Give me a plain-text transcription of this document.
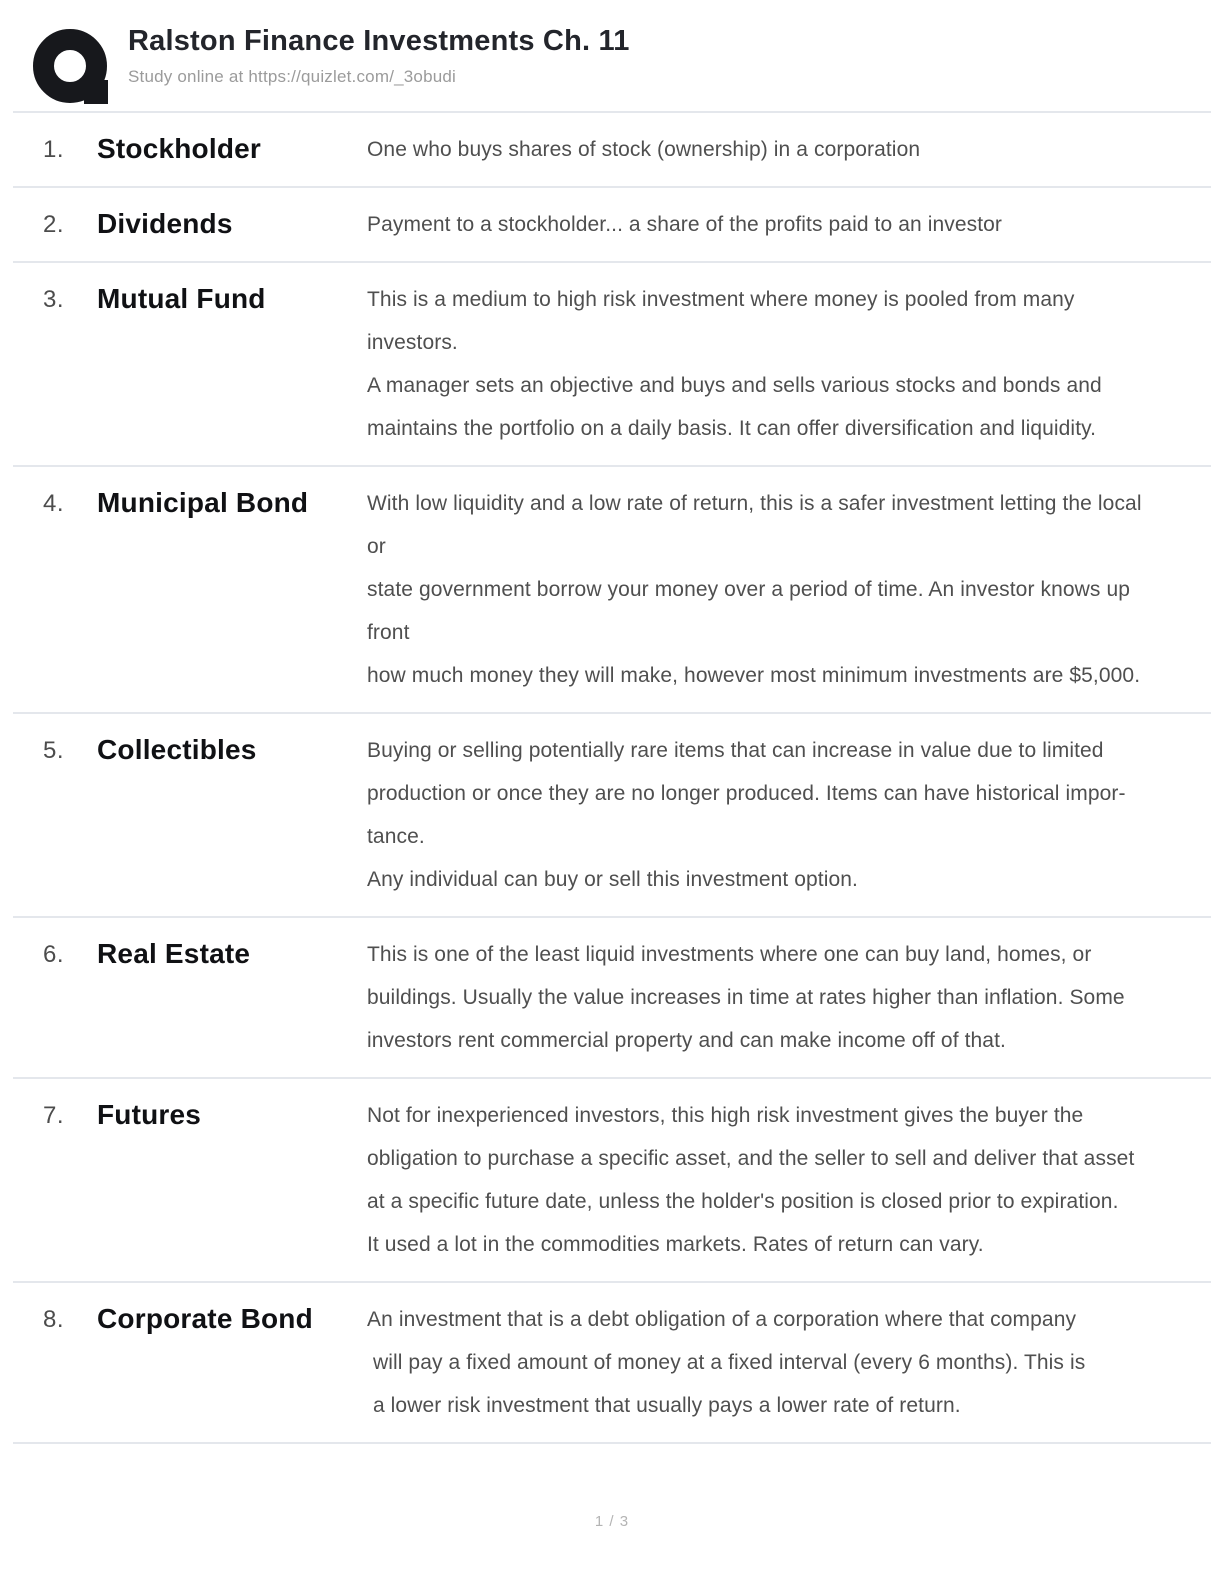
Ralston Finance Investments Ch. 11
Study online at https://quizlet.com/_3obudi
1.	Stockholder	One who buys shares of stock (ownership) in a corporation
2.	Dividends	Payment to a stockholder... a share of the profits paid to an investor
3.	Mutual Fund	This is a medium to high risk investment where money is pooled from many
investors.
A manager sets an objective and buys and sells various stocks and bonds and
maintains the portfolio on a daily basis. It can offer diversification and liquidity.
4.	Municipal Bond	With low liquidity and a low rate of return, this is a safer investment letting the local
or
state government borrow your money over a period of time. An investor knows up
front
how much money they will make, however most minimum investments are $5,000.
5.	Collectibles	Buying or selling potentially rare items that can increase in value due to limited
production or once they are no longer produced. Items can have historical impor-
tance.
Any individual can buy or sell this investment option.
6.	Real Estate	This is one of the least liquid investments where one can buy land, homes, or
buildings. Usually the value increases in time at rates higher than inflation. Some
investors rent commercial property and can make income off of that.
7.	Futures	Not for inexperienced investors, this high risk investment gives the buyer the
obligation to purchase a specific asset, and the seller to sell and deliver that asset
at a specific future date, unless the holder's position is closed prior to expiration.
It used a lot in the commodities markets. Rates of return can vary.
8.	Corporate Bond	An investment that is a debt obligation of a corporation where that company
will pay a fixed amount of money at a fixed interval (every 6 months). This is
a lower risk investment that usually pays a lower rate of return.
1 / 3
